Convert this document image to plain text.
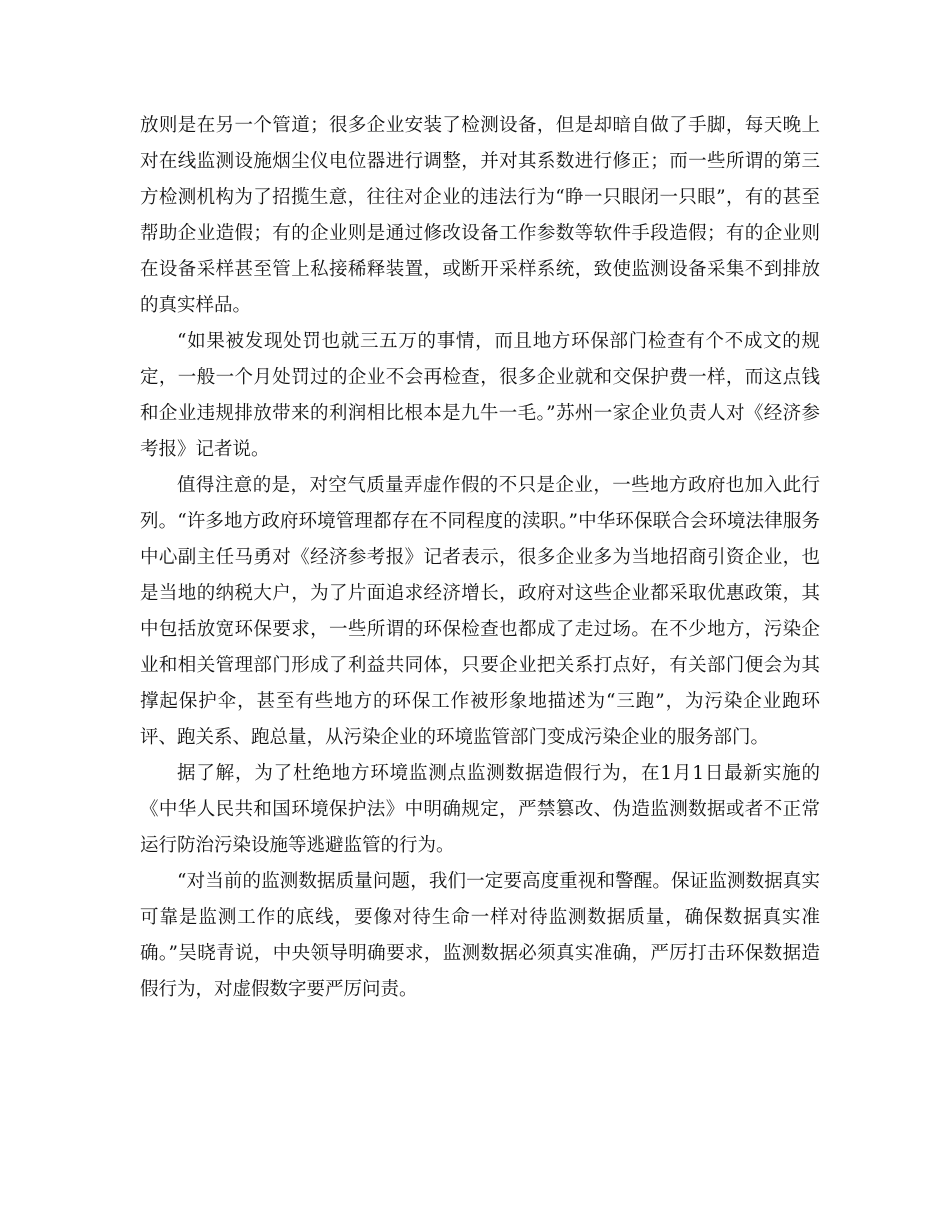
放则是在另一个管道；很多企业安装了检测设备，但是却暗自做了手脚，每天晚上对在线监测设施烟尘仪电位器进行调整，并对其系数进行修正；而一些所谓的第三方检测机构为了招揽生意，往往对企业的违法行为“睁一只眼闭一只眼”，有的甚至帮助企业造假；有的企业则是通过修改设备工作参数等软件手段造假；有的企业则在设备采样甚至管上私接稀释装置，或断开采样系统，致使监测设备采集不到排放的真实样品。

“如果被发现处罚也就三五万的事情，而且地方环保部门检查有个不成文的规定，一般一个月处罚过的企业不会再检查，很多企业就和交保护费一样，而这点钱和企业违规排放带来的利润相比根本是九牛一毛。”苏州一家企业负责人对《经济参考报》记者说。

值得注意的是，对空气质量弄虚作假的不只是企业，一些地方政府也加入此行列。“许多地方政府环境管理都存在不同程度的渎职。”中华环保联合会环境法律服务中心副主任马勇对《经济参考报》记者表示，很多企业多为当地招商引资企业，也是当地的纳税大户，为了片面追求经济增长，政府对这些企业都采取优惠政策，其中包括放宽环保要求，一些所谓的环保检查也都成了走过场。在不少地方，污染企业和相关管理部门形成了利益共同体，只要企业把关系打点好，有关部门便会为其撑起保护伞，甚至有些地方的环保工作被形象地描述为“三跑”，为污染企业跑环评、跑关系、跑总量，从污染企业的环境监管部门变成污染企业的服务部门。

据了解，为了杜绝地方环境监测点监测数据造假行为，在1月1日最新实施的《中华人民共和国环境保护法》中明确规定，严禁篡改、伪造监测数据或者不正常运行防治污染设施等逃避监管的行为。

“对当前的监测数据质量问题，我们一定要高度重视和警醒。保证监测数据真实可靠是监测工作的底线，要像对待生命一样对待监测数据质量，确保数据真实准确。”吴晓青说，中央领导明确要求，监测数据必须真实准确，严厉打击环保数据造假行为，对虚假数字要严厉问责。
